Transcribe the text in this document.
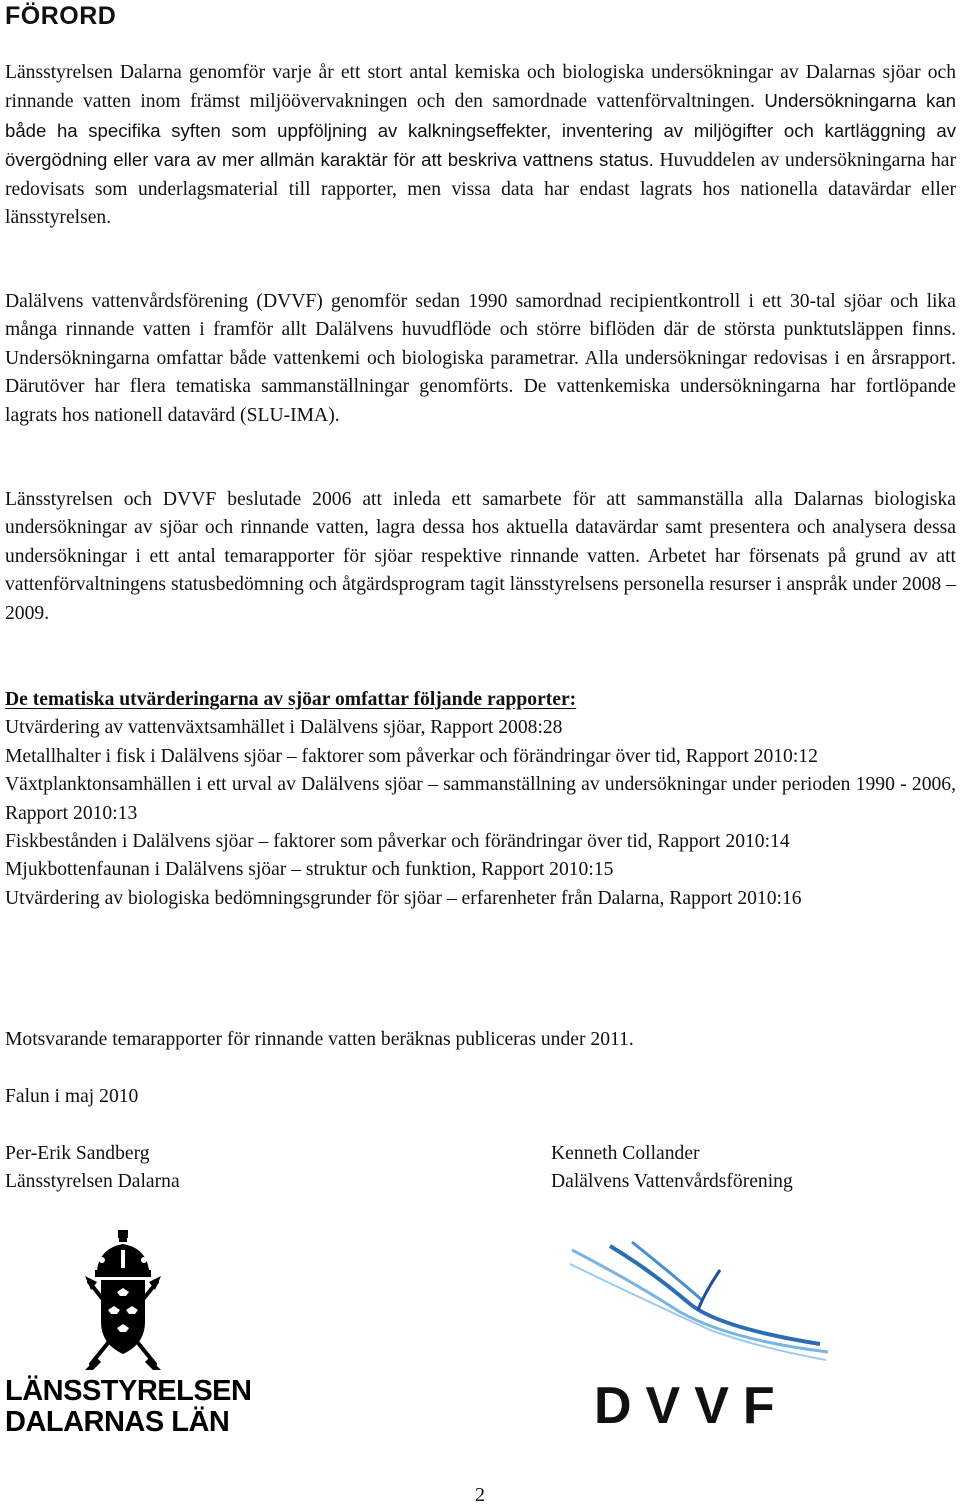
FÖRORD

Länsstyrelsen Dalarna genomför varje år ett stort antal kemiska och biologiska undersökningar av Dalarnas sjöar och rinnande vatten inom främst miljöövervakningen och den samordnade vattenförvaltningen. Undersökningarna kan både ha specifika syften som uppföljning av kalkningseffekter, inventering av miljögifter och kartläggning av övergödning eller vara av mer allmän karaktär för att beskriva vattnens status. Huvuddelen av undersökningarna har redovisats som underlagsmaterial till rapporter, men vissa data har endast lagrats hos nationella datavärdar eller länsstyrelsen.

Dalälvens vattenvårdsförening (DVVF) genomför sedan 1990 samordnad recipientkontroll i ett 30-tal sjöar och lika många rinnande vatten i framför allt Dalälvens huvudflöde och större biflöden där de största punktutsläppen finns. Undersökningarna omfattar både vattenkemi och biologiska parametrar. Alla undersökningar redovisas i en årsrapport. Därutöver har flera tematiska sammanställningar genomförts. De vattenkemiska undersökningarna har fortlöpande lagrats hos nationell datavärd (SLU-IMA).

Länsstyrelsen och DVVF beslutade 2006 att inleda ett samarbete för att sammanställa alla Dalarnas biologiska undersökningar av sjöar och rinnande vatten, lagra dessa hos aktuella datavärdar samt presentera och analysera dessa undersökningar i ett antal temarapporter för sjöar respektive rinnande vatten. Arbetet har försenats på grund av att vattenförvaltningens statusbedömning och åtgärdsprogram tagit länsstyrelsens personella resurser i anspråk under 2008 – 2009.

De tematiska utvärderingarna av sjöar omfattar följande rapporter:
Utvärdering av vattenväxtsamhället i Dalälvens sjöar, Rapport 2008:28
Metallhalter i fisk i Dalälvens sjöar – faktorer som påverkar och förändringar över tid, Rapport 2010:12
Växtplanktonsamhällen i ett urval av Dalälvens sjöar – sammanställning av undersökningar under perioden 1990 - 2006, Rapport 2010:13
Fiskbestånden i Dalälvens sjöar – faktorer som påverkar och förändringar över tid, Rapport 2010:14
Mjukbottenfaunan i Dalälvens sjöar – struktur och funktion, Rapport 2010:15
Utvärdering av biologiska bedömningsgrunder för sjöar – erfarenheter från Dalarna, Rapport 2010:16
Motsvarande temarapporter för rinnande vatten beräknas publiceras under 2011.
Falun i maj 2010
Per-Erik Sandberg
Länsstyrelsen Dalarna
Kenneth Collander
Dalälvens Vattenvårdsförening
LÄNSSTYRELSEN
DALARNAS LÄN	DVVF
2
